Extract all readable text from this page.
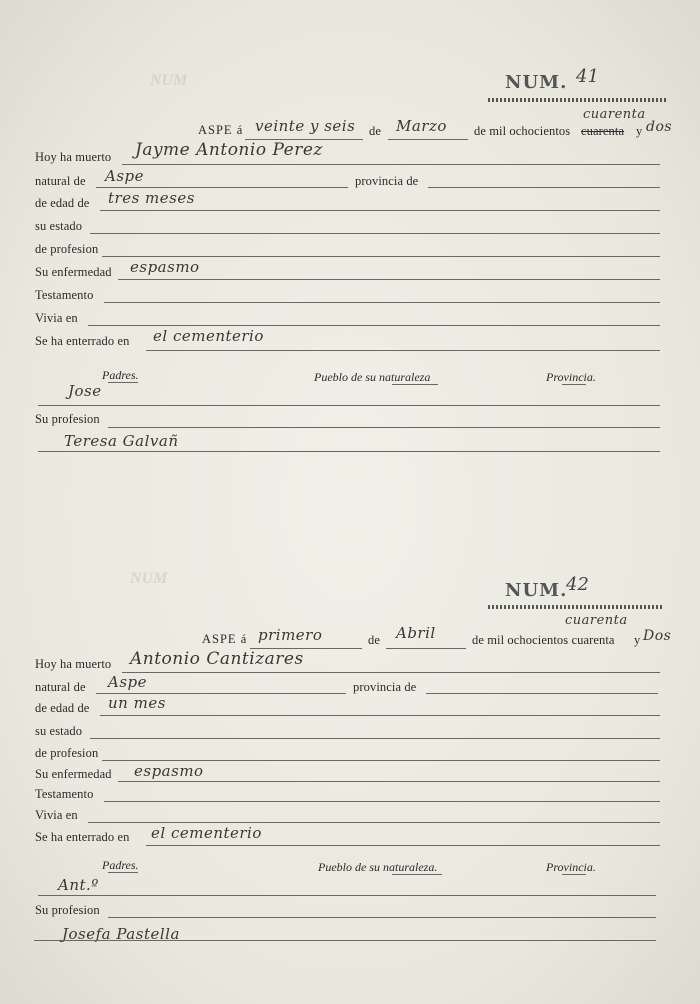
NUM
NUM
NUM. 41
cuarenta
ASPE á veinte y seis de Marzo de mil ochocientos cuarenta y dos
Hoy ha muerto Jayme Antonio Perez
natural de Aspe	provincia de
de edad de tres meses
su estado
de profesion
Su enfermedad espasmo
Testamento
Vivia en
Se ha enterrado en el cementerio
Padres.	Pueblo de su naturaleza	Provincia.
Jose
Su profesion
Teresa Galvañ
NUM.
42
cuarenta
ASPE á primero	de Abril	de mil ochocientos cuarenta y Dos
Hoy ha muerto Antonio Cantizares
natural de Aspe	provincia de
de edad de un mes
su estado
de profesion
Su enfermedad espasmo
Testamento
Vivia en
Se ha enterrado en el cementerio
Padres.	Pueblo de su naturaleza.	Provincia.
Ant.º
Su profesion
Josefa Pastella
